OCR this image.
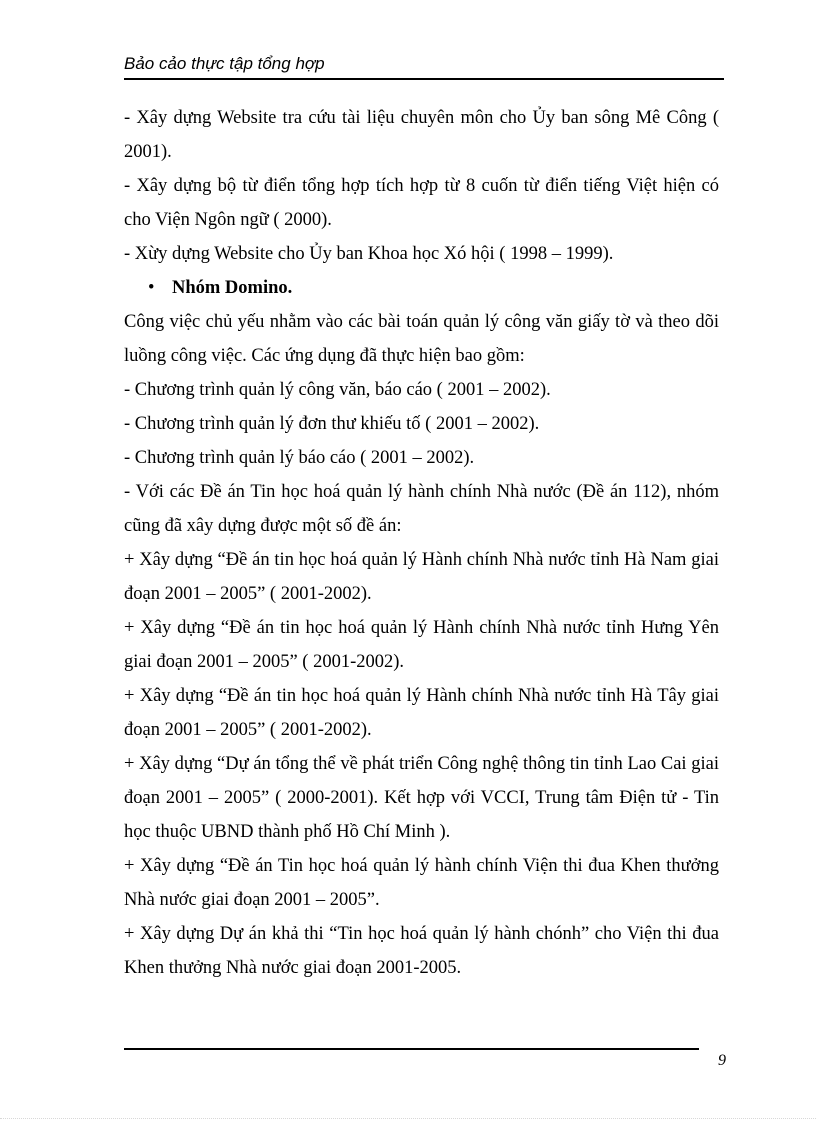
Bảo cảo thực tập tổng hợp

- Xây dựng Website tra cứu tài liệu chuyên môn cho Ủy ban sông Mê Công ( 2001).

- Xây dựng bộ từ điển tổng hợp tích hợp từ 8 cuốn từ điển tiếng Việt hiện có cho Viện Ngôn ngữ ( 2000).

- Xừy dựng Website cho Ủy ban Khoa học Xó hội ( 1998 – 1999).

• Nhóm Domino.

Công việc chủ yếu nhằm vào các bài toán quản lý công văn giấy tờ và theo dõi luồng công việc. Các ứng dụng đã thực hiện bao gồm:

- Chương trình quản lý công văn, báo cáo ( 2001 – 2002).

- Chương trình quản lý đơn thư khiếu tố ( 2001 – 2002).

- Chương trình quản lý báo cáo ( 2001 – 2002).

- Với các Đề án Tin học hoá quản lý hành chính Nhà nước (Đề án 112), nhóm cũng đã xây dựng được một số đề án:

+ Xây dựng “Đề án tin học hoá quản lý Hành chính Nhà nước tỉnh Hà Nam giai đoạn 2001 – 2005” ( 2001-2002).

+ Xây dựng “Đề án tin học hoá quản lý Hành chính Nhà nước tỉnh Hưng Yên giai đoạn 2001 – 2005” ( 2001-2002).

+ Xây dựng “Đề án tin học hoá quản lý Hành chính Nhà nước tỉnh Hà Tây giai đoạn 2001 – 2005” ( 2001-2002).

+ Xây dựng “Dự án tổng thể về phát triển Công nghệ thông tin tỉnh Lao Cai giai đoạn 2001 – 2005” ( 2000-2001). Kết hợp với VCCI, Trung tâm Điện tử - Tin học thuộc UBND thành phố Hồ Chí Minh ).

+ Xây dựng “Đề án Tin học hoá quản lý hành chính Viện thi đua Khen thưởng Nhà nước giai đoạn 2001 – 2005”.

+ Xây dựng Dự án khả thi “Tin học hoá quản lý hành chónh” cho Viện thi đua Khen thưởng Nhà nước giai đoạn 2001-2005.

9
